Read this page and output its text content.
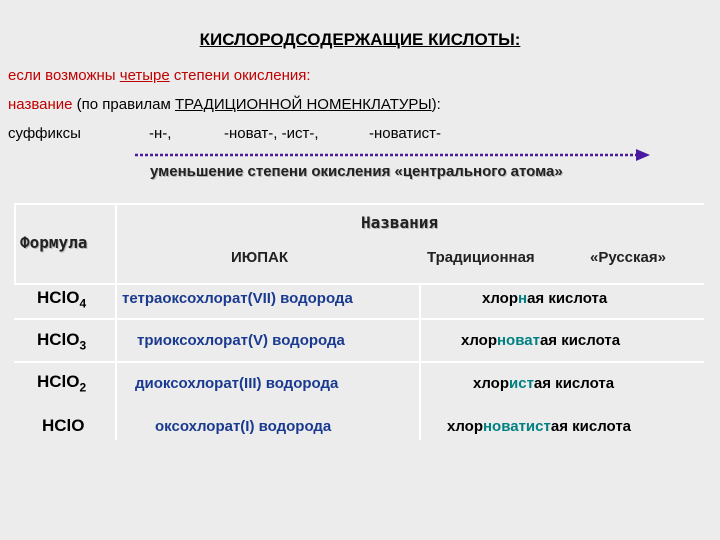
КИСЛОРОДСОДЕРЖАЩИЕ КИСЛОТЫ:
если возможны четыре степени окисления:
название (по правилам ТРАДИЦИОННОЙ НОМЕНКЛАТУРЫ):
суффиксы	-н-,	-новат-, -ист-,	-новатист-
уменьшение степени окисления «центрального атома»
Формула
Названия
ИЮПАК	Традиционная	«Русская»
HClO$_4$ тетраоксохлорат(VII) водорода	хлорная кислота
HClO$_3$	триоксохлорат(V) водорода	хлорноватая кислота
HClO$_2$	диоксохлорат(III) водорода	хлористая кислота
HClO	оксохлорат(I) водорода	хлорноватистая кислота
